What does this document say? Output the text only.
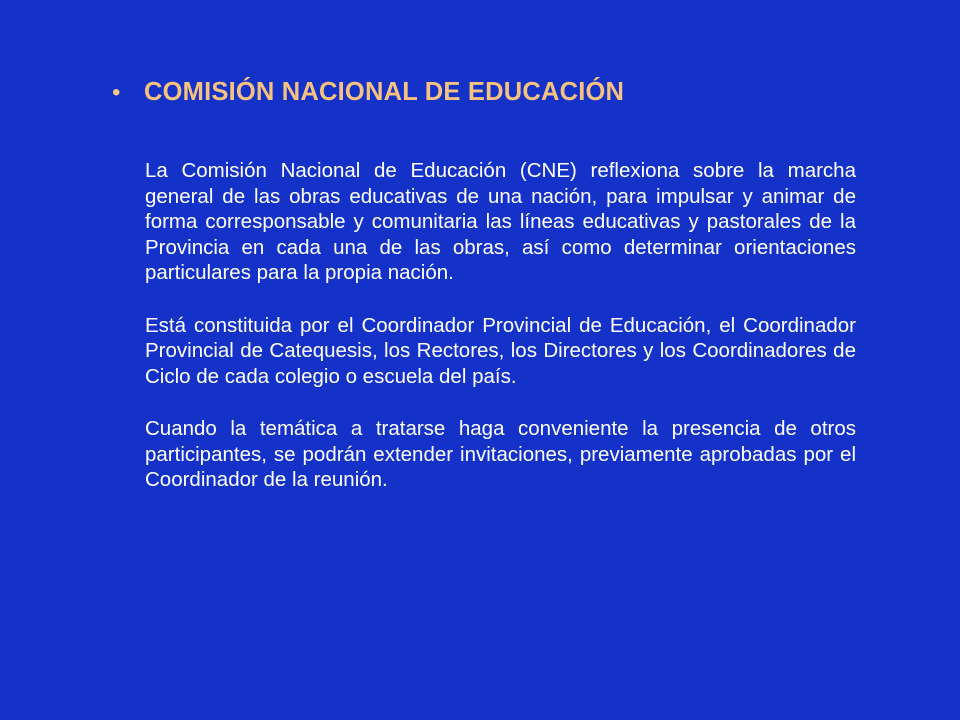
• COMISIÓN NACIONAL DE EDUCACIÓN

La Comisión Nacional de Educación (CNE) reflexiona sobre la marcha general de las obras educativas de una nación, para impulsar y animar de forma corresponsable y comunitaria las líneas educativas y pastorales de la Provincia en cada una de las obras, así como determinar orientaciones particulares para la propia nación.

Está constituida por el Coordinador Provincial de Educación, el Coordinador Provincial de Catequesis, los Rectores, los Directores y los Coordinadores de Ciclo de cada colegio o escuela del país.

Cuando la temática a tratarse haga conveniente la presencia de otros participantes, se podrán extender invitaciones, previamente aprobadas por el Coordinador de la reunión.
